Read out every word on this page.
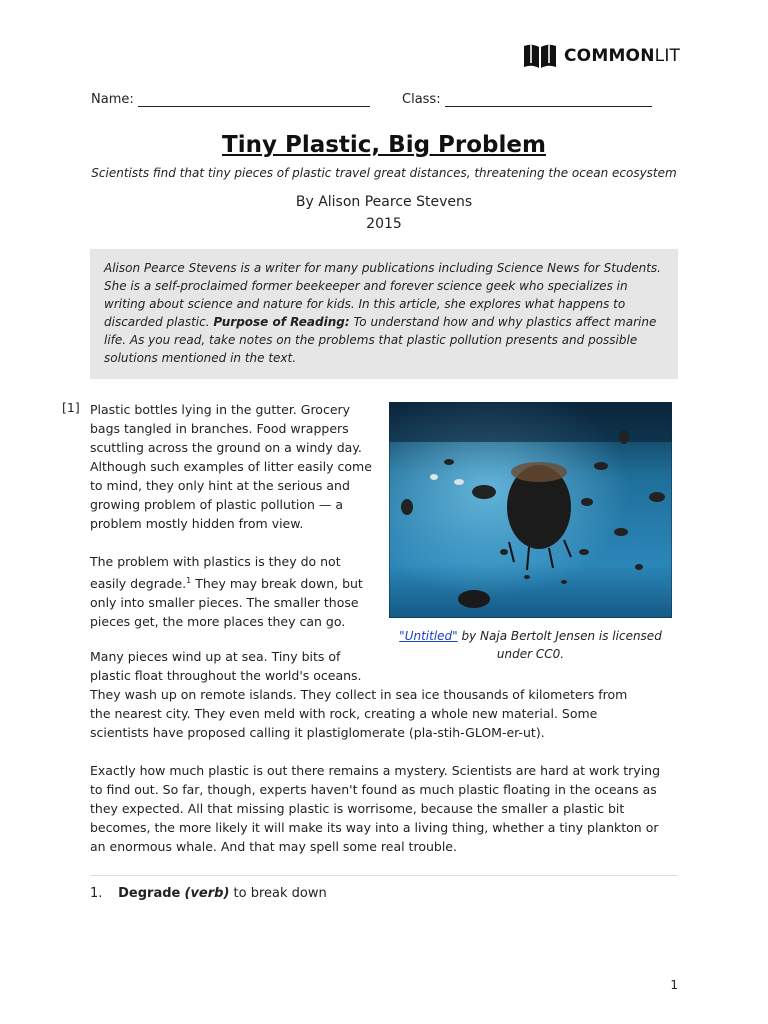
COMMONLIT
Name:	Class:
Tiny Plastic, Big Problem
Scientists find that tiny pieces of plastic travel great distances, threatening the ocean ecosystem
By Alison Pearce Stevens
2015
Alison Pearce Stevens is a writer for many publications including Science News for Students. She is a self-proclaimed former beekeeper and forever science geek who specializes in writing about science and nature for kids. In this article, she explores what happens to discarded plastic. Purpose of Reading: To understand how and why plastics affect marine life. As you read, take notes on the problems that plastic pollution presents and possible solutions mentioned in the text.
[1] Plastic bottles lying in the gutter. Grocery bags tangled in branches. Food wrappers scuttling across the ground on a windy day. Although such examples of litter easily come to mind, they only hint at the serious and growing problem of plastic pollution — a problem mostly hidden from view.
The problem with plastics is they do not easily degrade.$^1$ They may break down, but only into smaller pieces. The smaller those pieces get, the more places they can go.
Many pieces wind up at sea. Tiny bits of
plastic float throughout the world's oceans.
They wash up on remote islands. They collect in sea ice thousands of kilometers from the nearest city. They even meld with rock, creating a whole new material. Some scientists have proposed calling it plastiglomerate (pla-stih-GLOM-er-ut).
Exactly how much plastic is out there remains a mystery. Scientists are hard at work trying to find out. So far, though, experts haven't found as much plastic floating in the oceans as they expected. All that missing plastic is worrisome, because the smaller a plastic bit becomes, the more likely it will make its way into a living thing, whether a tiny plankton or an enormous whale. And that may spell some real trouble.
"Untitled" by Naja Bertolt Jensen is licensed under CC0.
1. Degrade (verb) to break down
1
